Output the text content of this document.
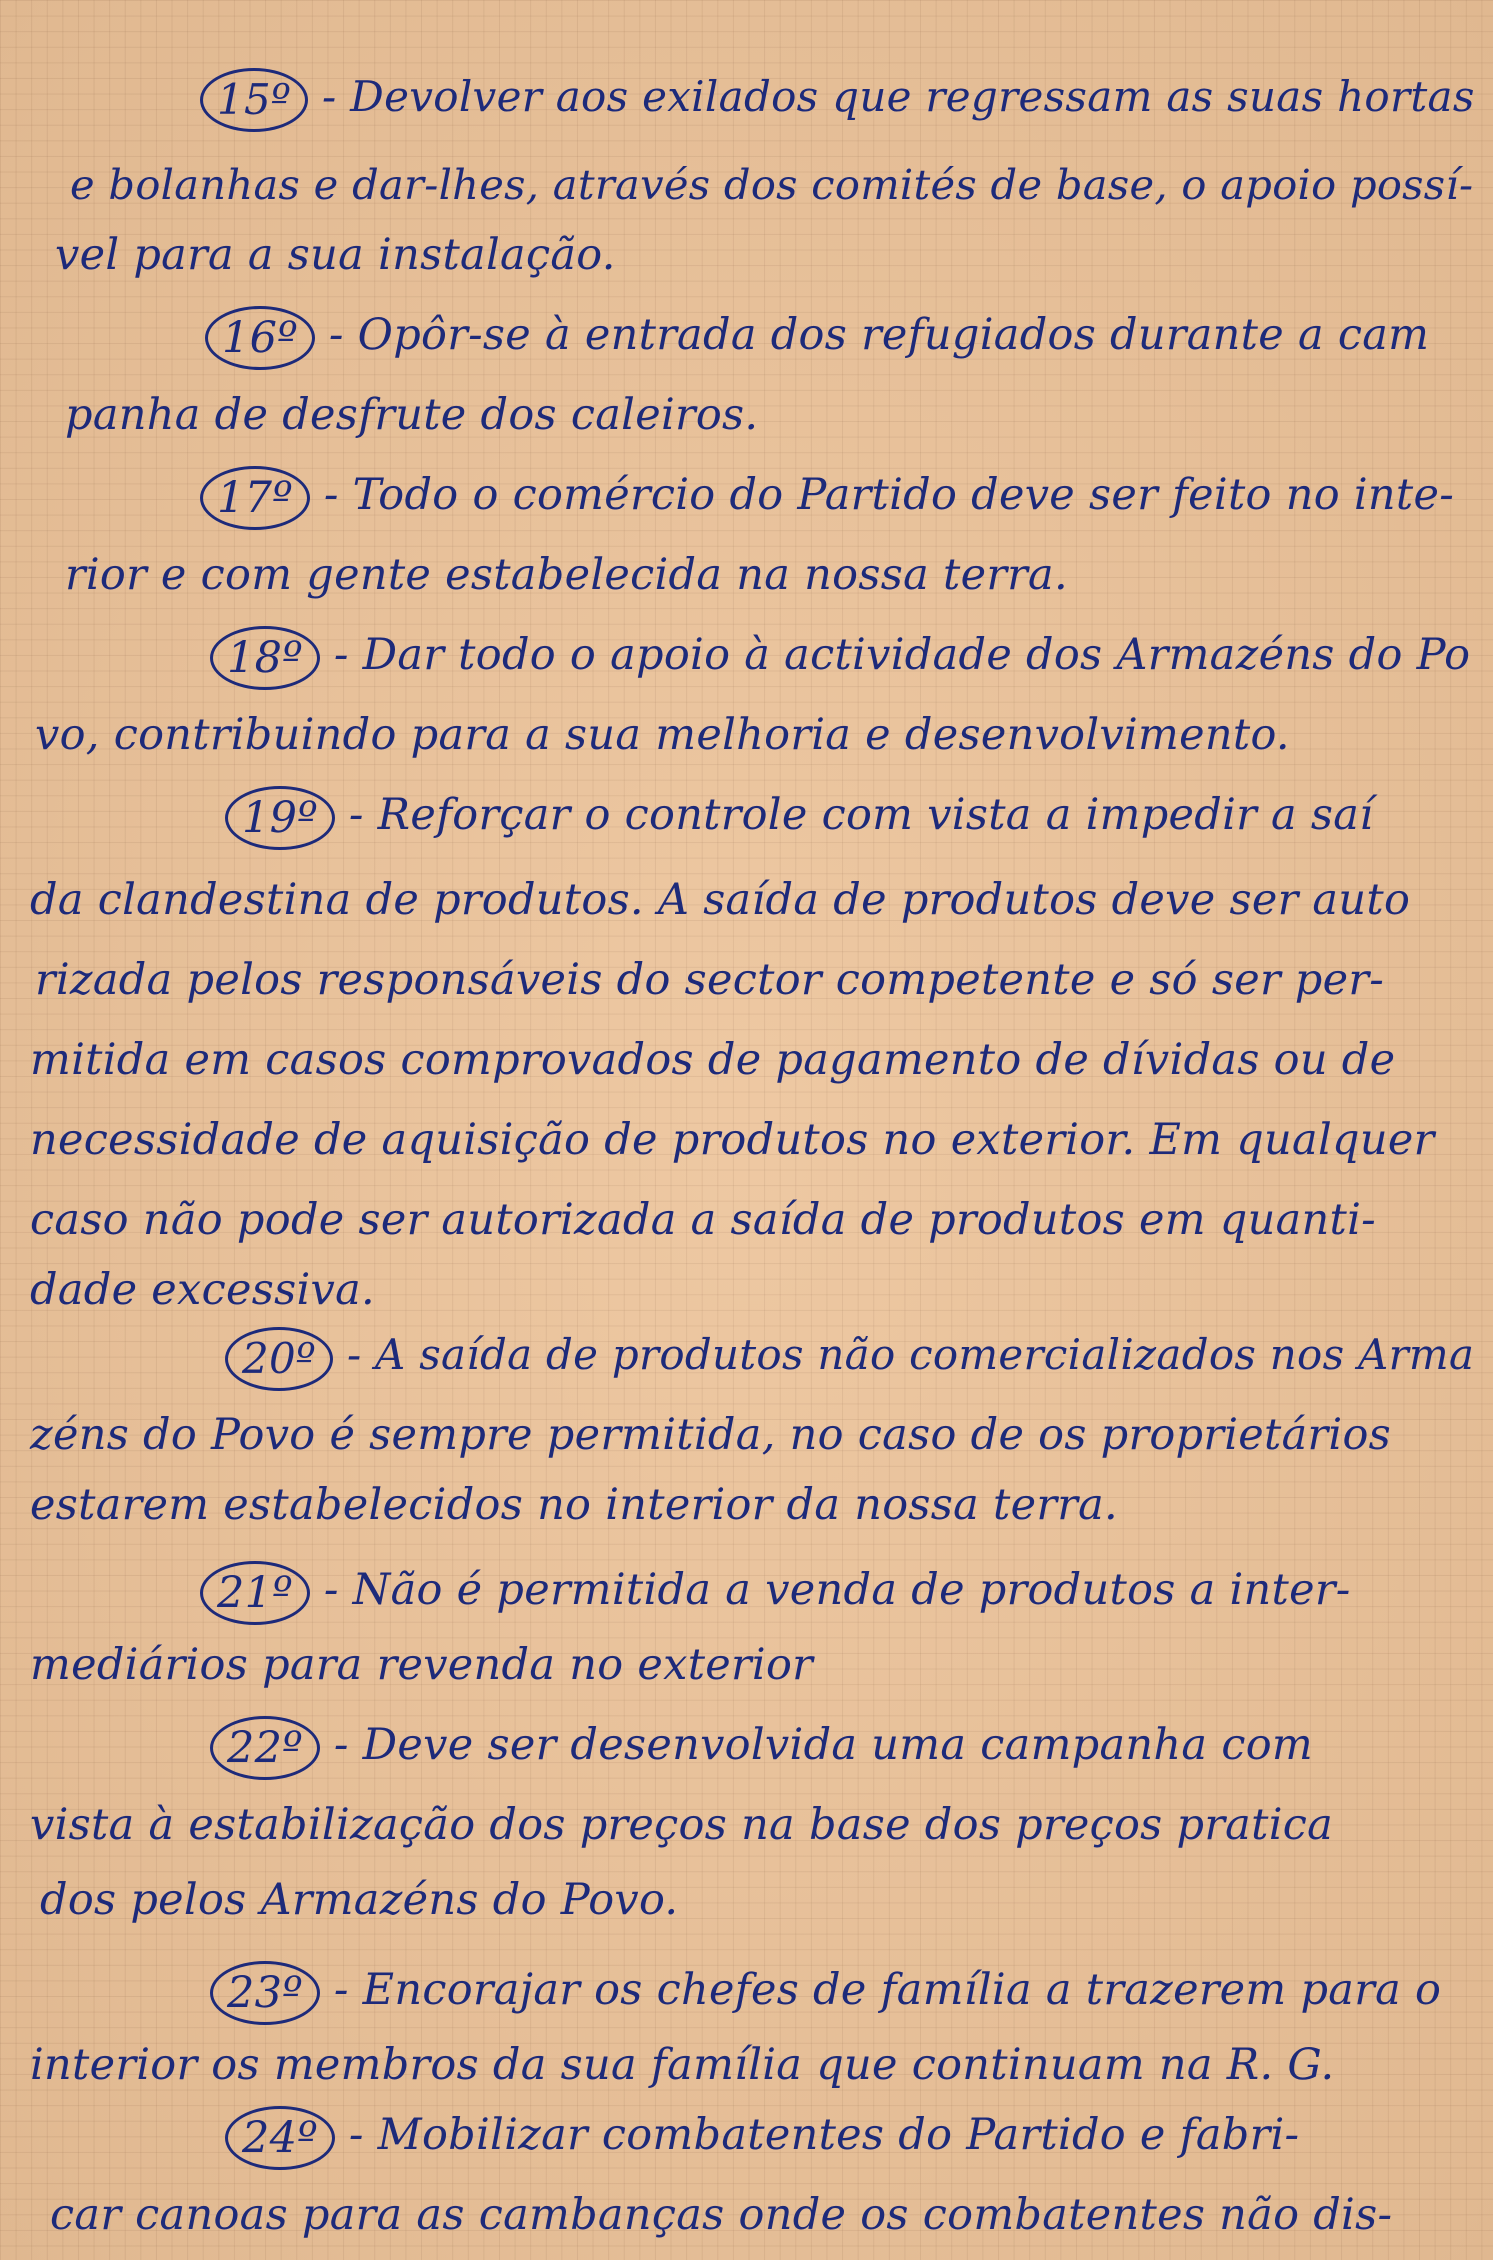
15º - Devolver aos exilados que regressam as suas hortas
e bolanhas e dar-lhes, através dos comités de base, o apoio possí-
vel para a sua instalação.
16º - Opôr-se à entrada dos refugiados durante a cam
panha de desfrute dos caleiros.
17º - Todo o comércio do Partido deve ser feito no inte-
rior e com gente estabelecida na nossa terra.
18º - Dar todo o apoio à actividade dos Armazéns do Po
vo, contribuindo para a sua melhoria e desenvolvimento.
19º - Reforçar o controle com vista a impedir a saí
da clandestina de produtos. A saída de produtos deve ser auto
rizada pelos responsáveis do sector competente e só ser per-
mitida em casos comprovados de pagamento de dívidas ou de
necessidade de aquisição de produtos no exterior. Em qualquer
caso não pode ser autorizada a saída de produtos em quanti-
dade excessiva.
20º - A saída de produtos não comercializados nos Arma
zéns do Povo é sempre permitida, no caso de os proprietários
estarem estabelecidos no interior da nossa terra.
21º - Não é permitida a venda de produtos a inter-
mediários para revenda no exterior
22º - Deve ser desenvolvida uma campanha com
vista à estabilização dos preços na base dos preços pratica
dos pelos Armazéns do Povo.
23º - Encorajar os chefes de família a trazerem para o
interior os membros da sua família que continuam na R. G.
24º - Mobilizar combatentes do Partido e fabri-
car canoas para as cambanças onde os combatentes não dis-
